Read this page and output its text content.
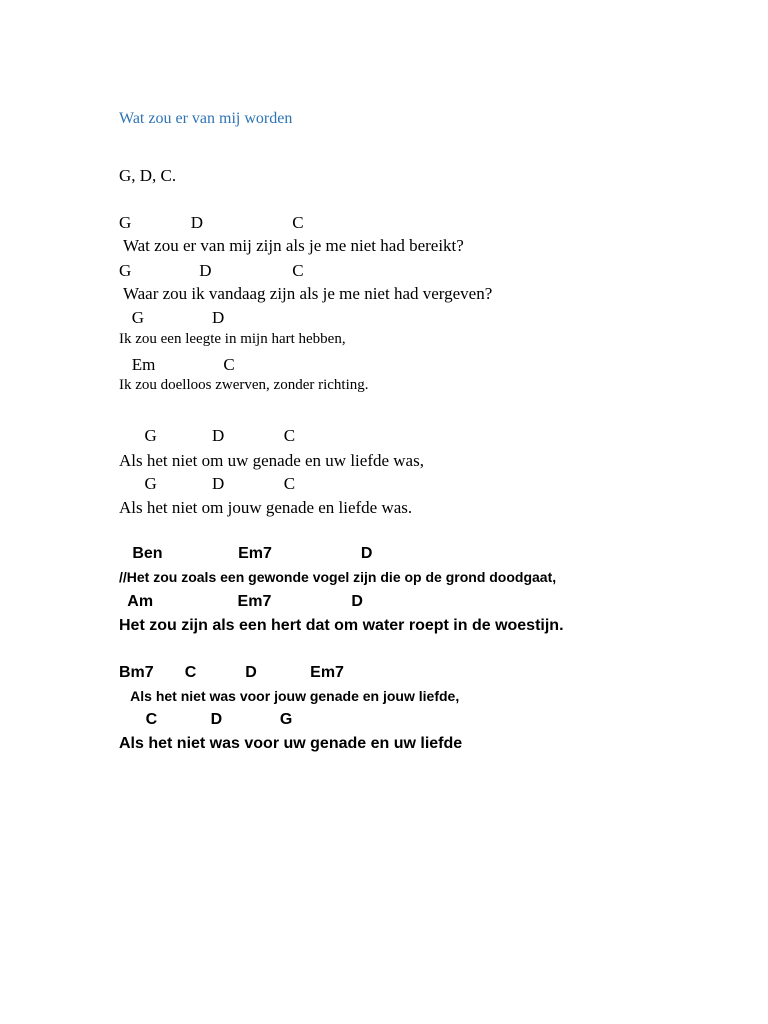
Wat zou er van mij worden
G, D, C.
G              D                     C
Wat zou er van mij zijn als je me niet had bereikt?
G                D                   C
Waar zou ik vandaag zijn als je me niet had vergeven?
G                D
Ik zou een leegte in mijn hart hebben,
Em                C
Ik zou doelloos zwerven, zonder richting.
G             D              C
Als het niet om uw genade en uw liefde was,
G             D              C
Als het niet om jouw genade en liefde was.
Ben                 Em7                    D
//Het zou zoals een gewonde vogel zijn die op de grond doodgaat,
Am                   Em7                  D
Het zou zijn als een hert dat om water roept in de woestijn.
Bm7       C           D            Em7
Als het niet was voor jouw genade en jouw liefde,
C            D             G
Als het niet was voor uw genade en uw liefde
